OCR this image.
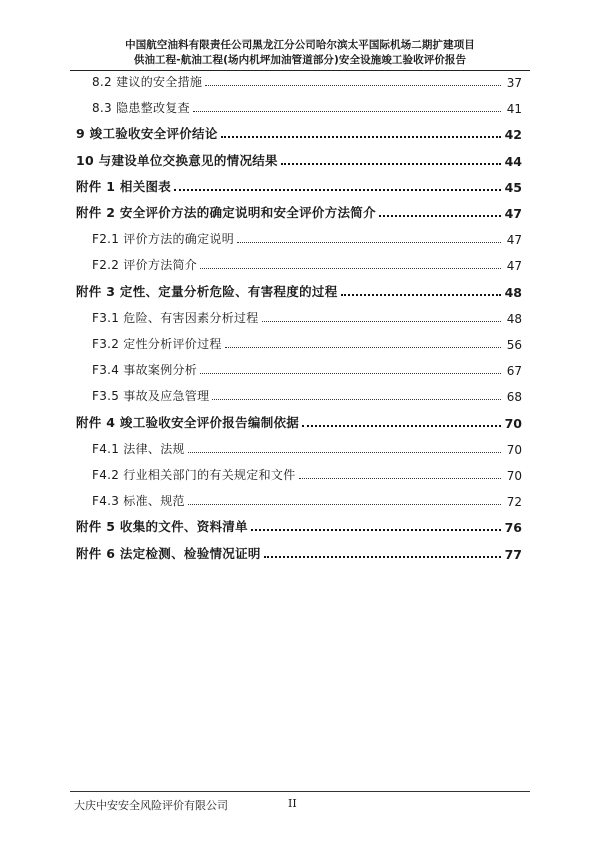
中国航空油料有限责任公司黑龙江分公司哈尔滨太平国际机场二期扩建项目
供油工程-航油工程(场内机坪加油管道部分)安全设施竣工验收评价报告
8.2 建议的安全措施	37
8.3 隐患整改复查	41
9 竣工验收安全评价结论	42
10 与建设单位交换意见的情况结果	44
附件 1 相关图表	45
附件 2 安全评价方法的确定说明和安全评价方法简介	47
F2.1 评价方法的确定说明	47
F2.2 评价方法简介	47
附件 3 定性、定量分析危险、有害程度的过程	48
F3.1 危险、有害因素分析过程	48
F3.2 定性分析评价过程	56
F3.4 事故案例分析	67
F3.5 事故及应急管理	68
附件 4 竣工验收安全评价报告编制依据	70
F4.1 法律、法规	70
F4.2 行业相关部门的有关规定和文件	70
F4.3 标准、规范	72
附件 5 收集的文件、资料清单	76
附件 6 法定检测、检验情况证明	77
大庆中安安全风险评价有限公司	II
